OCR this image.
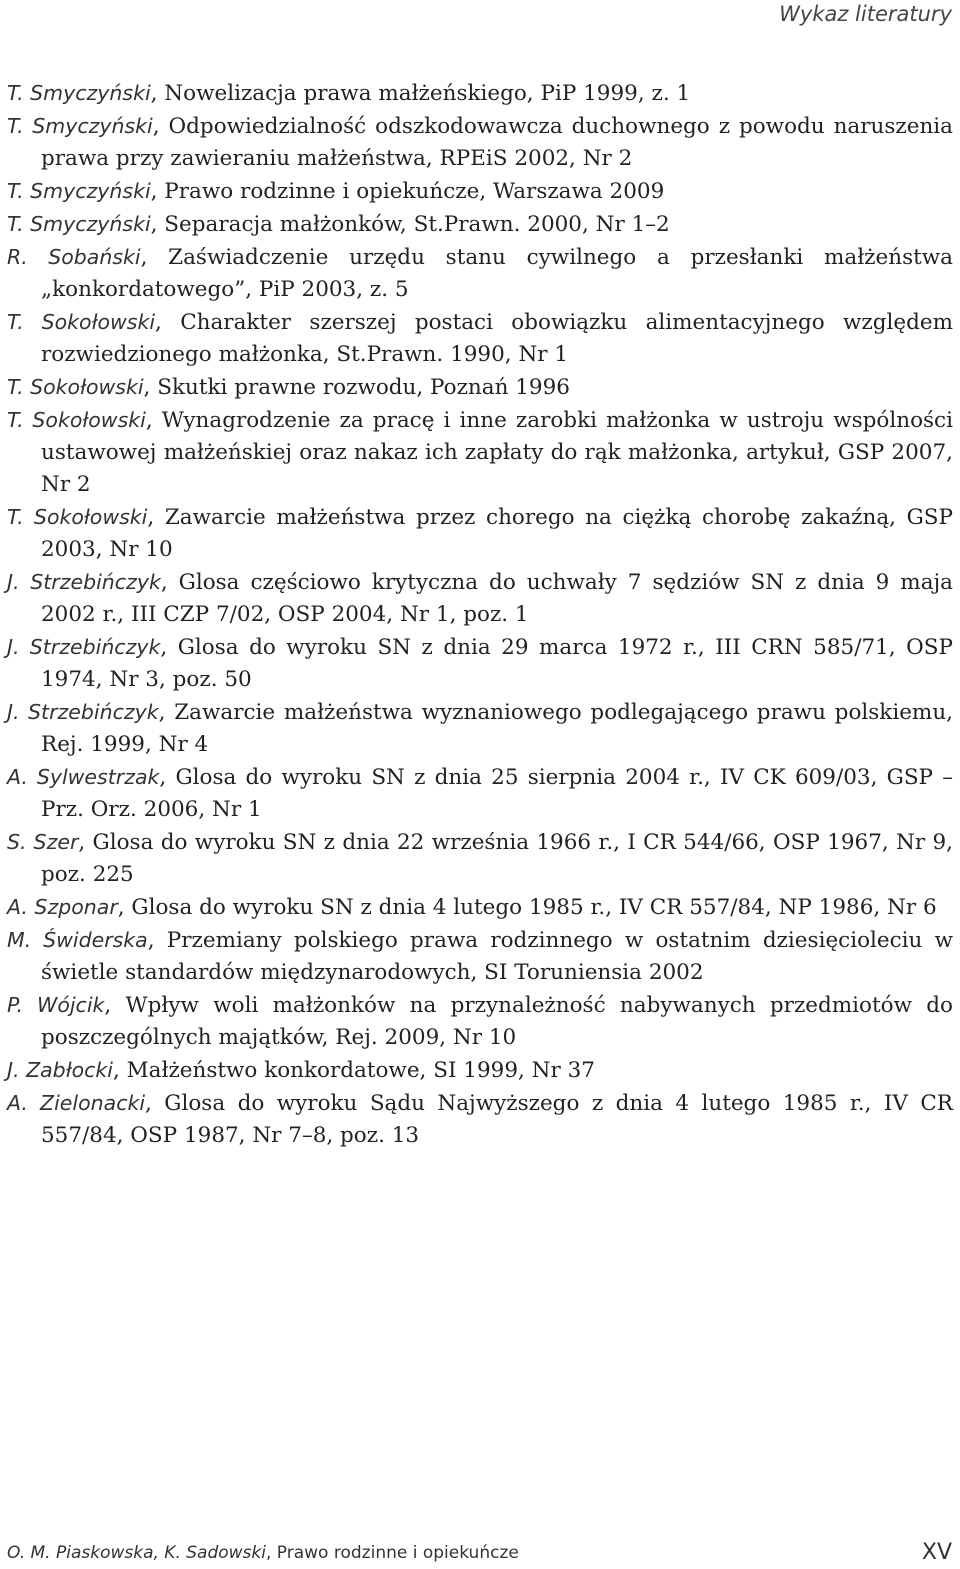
Wykaz literatury
T. Smyczyński, Nowelizacja prawa małżeńskiego, PiP 1999, z. 1
T. Smyczyński, Odpowiedzialność odszkodowawcza duchownego z powodu naruszenia prawa przy zawieraniu małżeństwa, RPEiS 2002, Nr 2
T. Smyczyński, Prawo rodzinne i opiekuńcze, Warszawa 2009
T. Smyczyński, Separacja małżonków, St.Prawn. 2000, Nr 1–2
R. Sobański, Zaświadczenie urzędu stanu cywilnego a przesłanki małżeństwa „konkordatowego”, PiP 2003, z. 5
T. Sokołowski, Charakter szerszej postaci obowiązku alimentacyjnego względem rozwiedzionego małżonka, St.Prawn. 1990, Nr 1
T. Sokołowski, Skutki prawne rozwodu, Poznań 1996
T. Sokołowski, Wynagrodzenie za pracę i inne zarobki małżonka w ustroju wspólności ustawowej małżeńskiej oraz nakaz ich zapłaty do rąk małżonka, artykuł, GSP 2007, Nr 2
T. Sokołowski, Zawarcie małżeństwa przez chorego na ciężką chorobę zakaźną, GSP 2003, Nr 10
J. Strzebińczyk, Glosa częściowo krytyczna do uchwały 7 sędziów SN z dnia 9 maja 2002 r., III CZP 7/02, OSP 2004, Nr 1, poz. 1
J. Strzebińczyk, Glosa do wyroku SN z dnia 29 marca 1972 r., III CRN 585/71, OSP 1974, Nr 3, poz. 50
J. Strzebińczyk, Zawarcie małżeństwa wyznaniowego podlegającego prawu polskiemu, Rej. 1999, Nr 4
A. Sylwestrzak, Glosa do wyroku SN z dnia 25 sierpnia 2004 r., IV CK 609/03, GSP – Prz. Orz. 2006, Nr 1
S. Szer, Glosa do wyroku SN z dnia 22 września 1966 r., I CR 544/66, OSP 1967, Nr 9, poz. 225
A. Szponar, Glosa do wyroku SN z dnia 4 lutego 1985 r., IV CR 557/84, NP 1986, Nr 6
M. Świderska, Przemiany polskiego prawa rodzinnego w ostatnim dziesięcioleciu w świetle standardów międzynarodowych, SI Toruniensia 2002
P. Wójcik, Wpływ woli małżonków na przynależność nabywanych przedmiotów do poszczególnych majątków, Rej. 2009, Nr 10
J. Zabłocki, Małżeństwo konkordatowe, SI 1999, Nr 37
A. Zielonacki, Glosa do wyroku Sądu Najwyższego z dnia 4 lutego 1985 r., IV CR 557/84, OSP 1987, Nr 7–8, poz. 13
O. M. Piaskowska, K. Sadowski, Prawo rodzinne i opiekuńcze	XV
